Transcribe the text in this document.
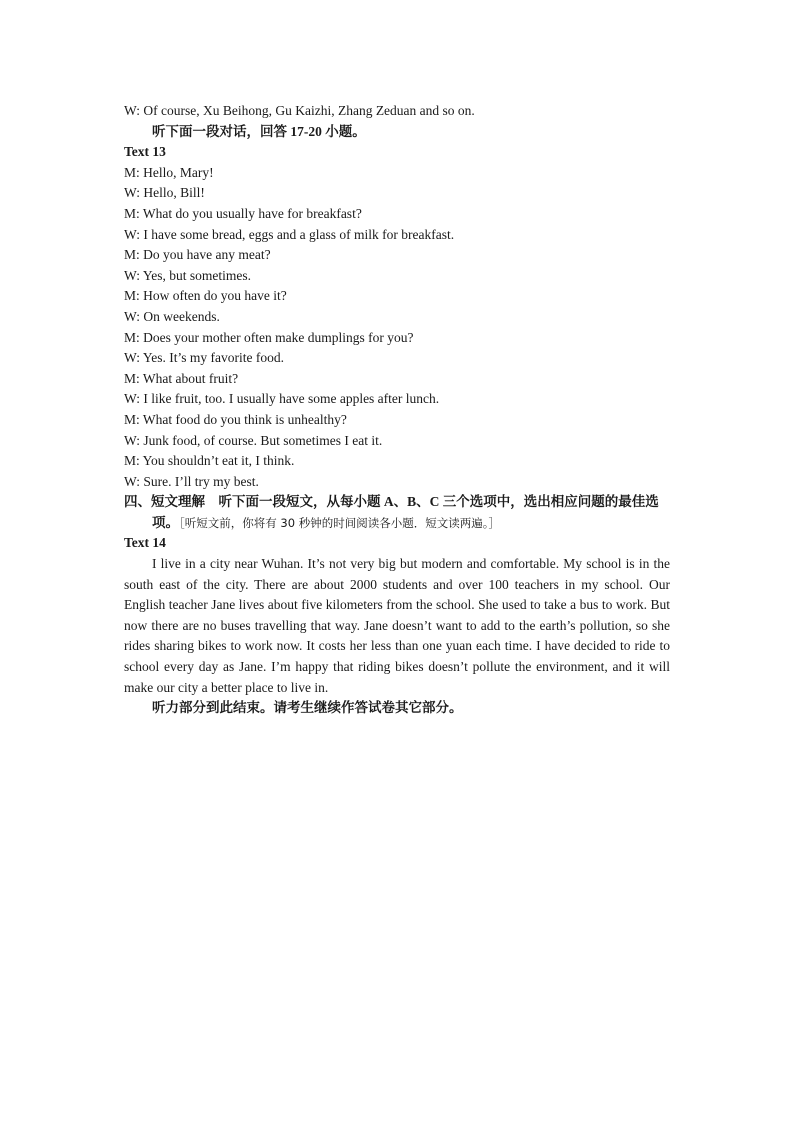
W: Of course, Xu Beihong, Gu Kaizhi, Zhang Zeduan and so on.

听下面一段对话，回答 17-20 小题。

Text 13

M: Hello, Mary!

W: Hello, Bill!

M: What do you usually have for breakfast?

W: I have some bread, eggs and a glass of milk for breakfast.

M: Do you have any meat?

W: Yes, but sometimes.

M: How often do you have it?

W: On weekends.

M: Does your mother often make dumplings for you?

W: Yes. It’s my favorite food.

M: What about fruit?

W: I like fruit, too. I usually have some apples after lunch.

M: What food do you think is unhealthy?

W: Junk food, of course. But sometimes I eat it.

M: You shouldn’t eat it, I think.

W: Sure. I’ll try my best.

四、短文理解　听下面一段短文，从每小题 A、B、C 三个选项中，选出相应问题的最佳选

项。［听短文前，你将有 30 秒钟的时间阅读各小题．短文读两遍。］

Text 14

I live in a city near Wuhan. It’s not very big but modern and comfortable. My school is in the south east of the city. There are about 2000 students and over 100 teachers in my school. Our English teacher Jane lives about five kilometers from the school. She used to take a bus to work. But now there are no buses travelling that way. Jane doesn’t want to add to the earth’s pollution, so she rides sharing bikes to work now. It costs her less than one yuan each time. I have decided to ride to school every day as Jane. I’m happy that riding bikes doesn’t pollute the environment, and it will make our city a better place to live in.

听力部分到此结束。请考生继续作答试卷其它部分。
